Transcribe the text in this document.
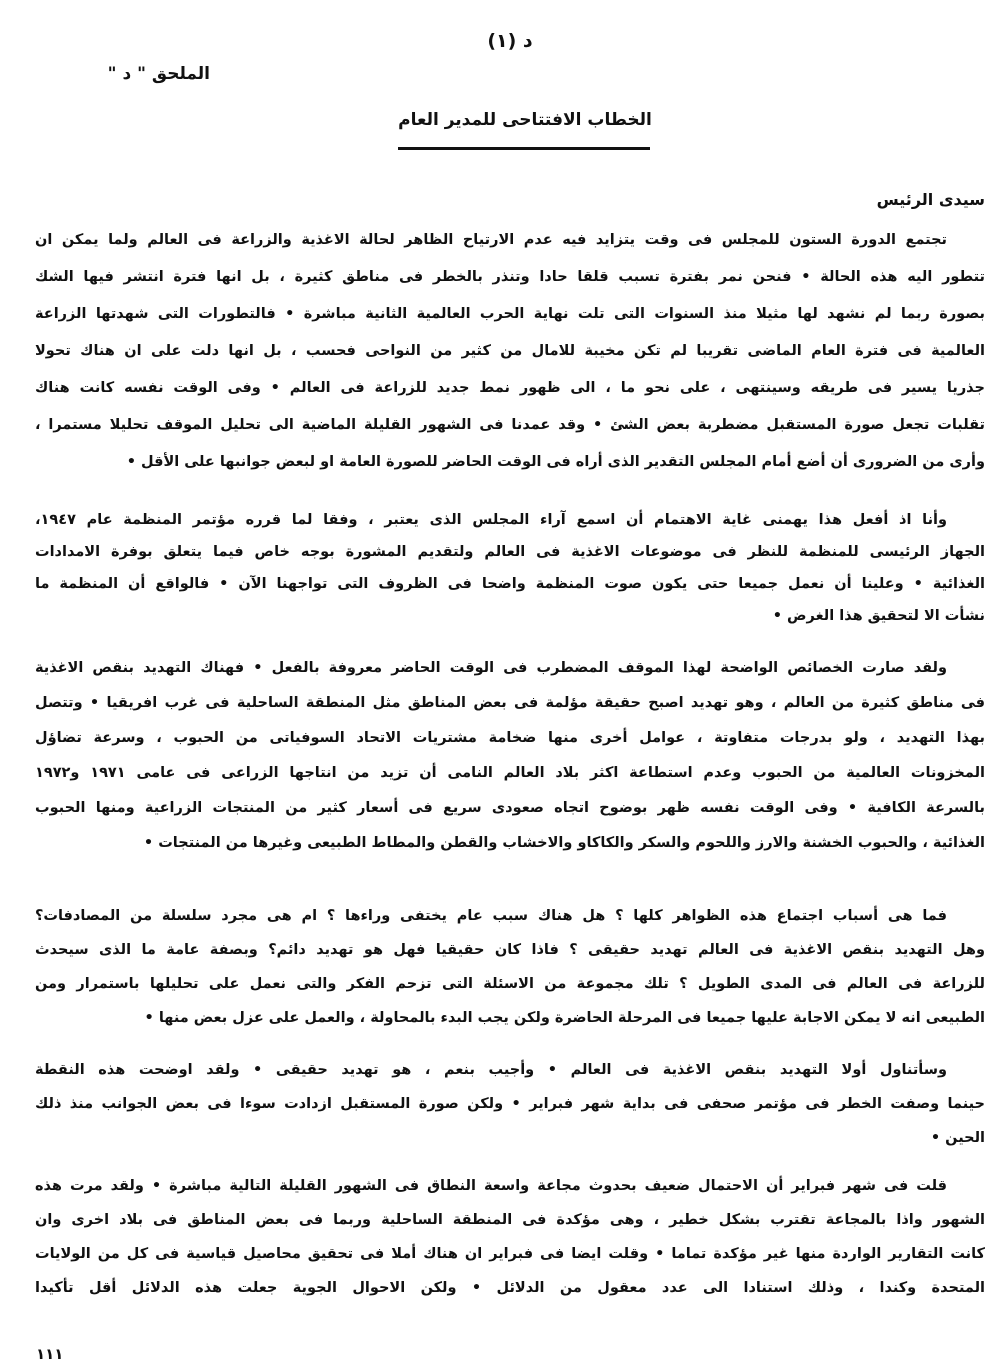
د (١)
الملحق " د "
الخطاب الافتتاحى للمدير العام
سيدى الرئيس
تجتمع الدورة الستون للمجلس فى وقت يتزايد فيه عدم الارتياح الظاهر لحالة الاغذية والزراعة فى العالم ولما يمكن ان
تتطور اليه هذه الحالة • فنحن نمر بفترة تسبب قلقا حادا وتنذر بالخطر فى مناطق كثيرة ، بل انها فترة انتشر فيها الشك
بصورة ربما لم نشهد لها مثيلا منذ السنوات التى تلت نهاية الحرب العالمية الثانية مباشرة • فالتطورات التى شهدتها الزراعة
العالمية فى فترة العام الماضى تقريبا لم تكن مخيبة للامال من كثير من النواحى فحسب ، بل انها دلت على ان هناك تحولا
جذريا يسير فى طريقه وسينتهى ، على نحو ما ، الى ظهور نمط جديد للزراعة فى العالم • وفى الوقت نفسه كانت هناك
تقلبات تجعل صورة المستقبل مضطربة بعض الشئ • وقد عمدنا فى الشهور القليلة الماضية الى تحليل الموقف تحليلا مستمرا ،
وأرى من الضرورى أن أضع أمام المجلس التقدير الذى أراه فى الوقت الحاضر للصورة العامة او لبعض جوانبها على الأقل •
وأنا اذ أفعل هذا يهمنى غاية الاهتمام أن اسمع آراء المجلس الذى يعتبر ، وفقا لما قرره مؤتمر المنظمة عام ١٩٤٧،
الجهاز الرئيسى للمنظمة للنظر فى موضوعات الاغذية فى العالم ولتقديم المشورة بوجه خاص فيما يتعلق بوفرة الامدادات
الغذائية • وعلينا أن نعمل جميعا حتى يكون صوت المنظمة واضحا فى الظروف التى تواجهنا الآن • فالواقع أن المنظمة ما
نشأت الا لتحقيق هذا الغرض •
ولقد صارت الخصائص الواضحة لهذا الموقف المضطرب فى الوقت الحاضر معروفة بالفعل • فهناك التهديد بنقص الاغذية
فى مناطق كثيرة من العالم ، وهو تهديد اصبح حقيقة مؤلمة فى بعض المناطق مثل المنطقة الساحلية فى غرب افريقيا • وتتصل
بهذا التهديد ، ولو بدرجات متفاوتة ، عوامل أخرى منها ضخامة مشتريات الاتحاد السوفياتى من الحبوب ، وسرعة تضاؤل
المخزونات العالمية من الحبوب وعدم استطاعة اكثر بلاد العالم النامى أن تزيد من انتاجها الزراعى فى عامى ١٩٧١ و١٩٧٢
بالسرعة الكافية • وفى الوقت نفسه ظهر بوضوح اتجاه صعودى سريع فى أسعار كثير من المنتجات الزراعية ومنها الحبوب
الغذائية ، والحبوب الخشنة والارز واللحوم والسكر والكاكاو والاخشاب والقطن والمطاط الطبيعى وغيرها من المنتجات •
فما هى أسباب اجتماع هذه الظواهر كلها ؟ هل هناك سبب عام يختفى وراءها ؟ ام هى مجرد سلسلة من المصادفات؟
وهل التهديد بنقص الاغذية فى العالم تهديد حقيقى ؟ فاذا كان حقيقيا فهل هو تهديد دائم؟ وبصفة عامة ما الذى سيحدث
للزراعة فى العالم فى المدى الطويل ؟ تلك مجموعة من الاسئلة التى تزحم الفكر والتى نعمل على تحليلها باستمرار ومن
الطبيعى انه لا يمكن الاجابة عليها جميعا فى المرحلة الحاضرة ولكن يجب البدء بالمحاولة ، والعمل على عزل بعض منها •
وسأتناول أولا التهديد بنقص الاغذية فى العالم • وأجيب بنعم ، هو تهديد حقيقى • ولقد اوضحت هذه النقطة
حينما وصفت الخطر فى مؤتمر صحفى فى بداية شهر فبراير • ولكن صورة المستقبل ازدادت سوءا فى بعض الجوانب منذ ذلك
الحين •
قلت فى شهر فبراير أن الاحتمال ضعيف بحدوث مجاعة واسعة النطاق فى الشهور القليلة التالية مباشرة • ولقد مرت هذه
الشهور واذا بالمجاعة تقترب بشكل خطير ، وهى مؤكدة فى المنطقة الساحلية وربما فى بعض المناطق فى بلاد اخرى وان
كانت التقارير الواردة منها غير مؤكدة تماما • وقلت ايضا فى فبراير ان هناك أملا فى تحقيق محاصيل قياسية فى كل من الولايات
المتحدة وكندا ، وذلك استنادا الى عدد معقول من الدلائل • ولكن الاحوال الجوية جعلت هذه الدلائل أقل تأكيدا
١١١
